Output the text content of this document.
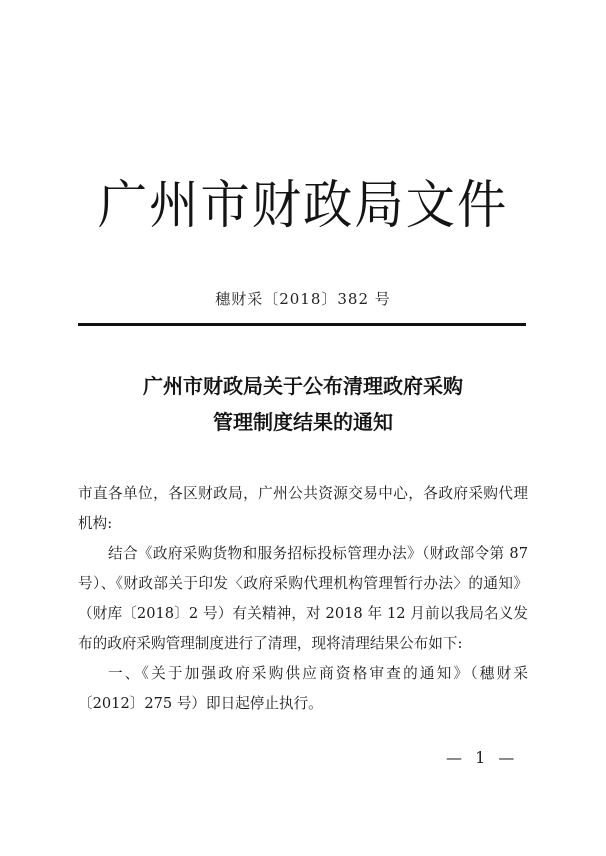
广州市财政局文件
穗财采〔2018〕382 号
广州市财政局关于公布清理政府采购
管理制度结果的通知

市直各单位，各区财政局，广州公共资源交易中心，各政府采购代理机构:

结合《政府采购货物和服务招标投标管理办法》（财政部令第 87 号）、《财政部关于印发〈政府采购代理机构管理暂行办法〉的通知》（财库〔2018〕2 号）有关精神，对 2018 年 12 月前以我局名义发布的政府采购管理制度进行了清理，现将清理结果公布如下:

一、《关于加强政府采购供应商资格审查的通知》（穗财采〔2012〕275 号）即日起停止执行。

— 1 —
